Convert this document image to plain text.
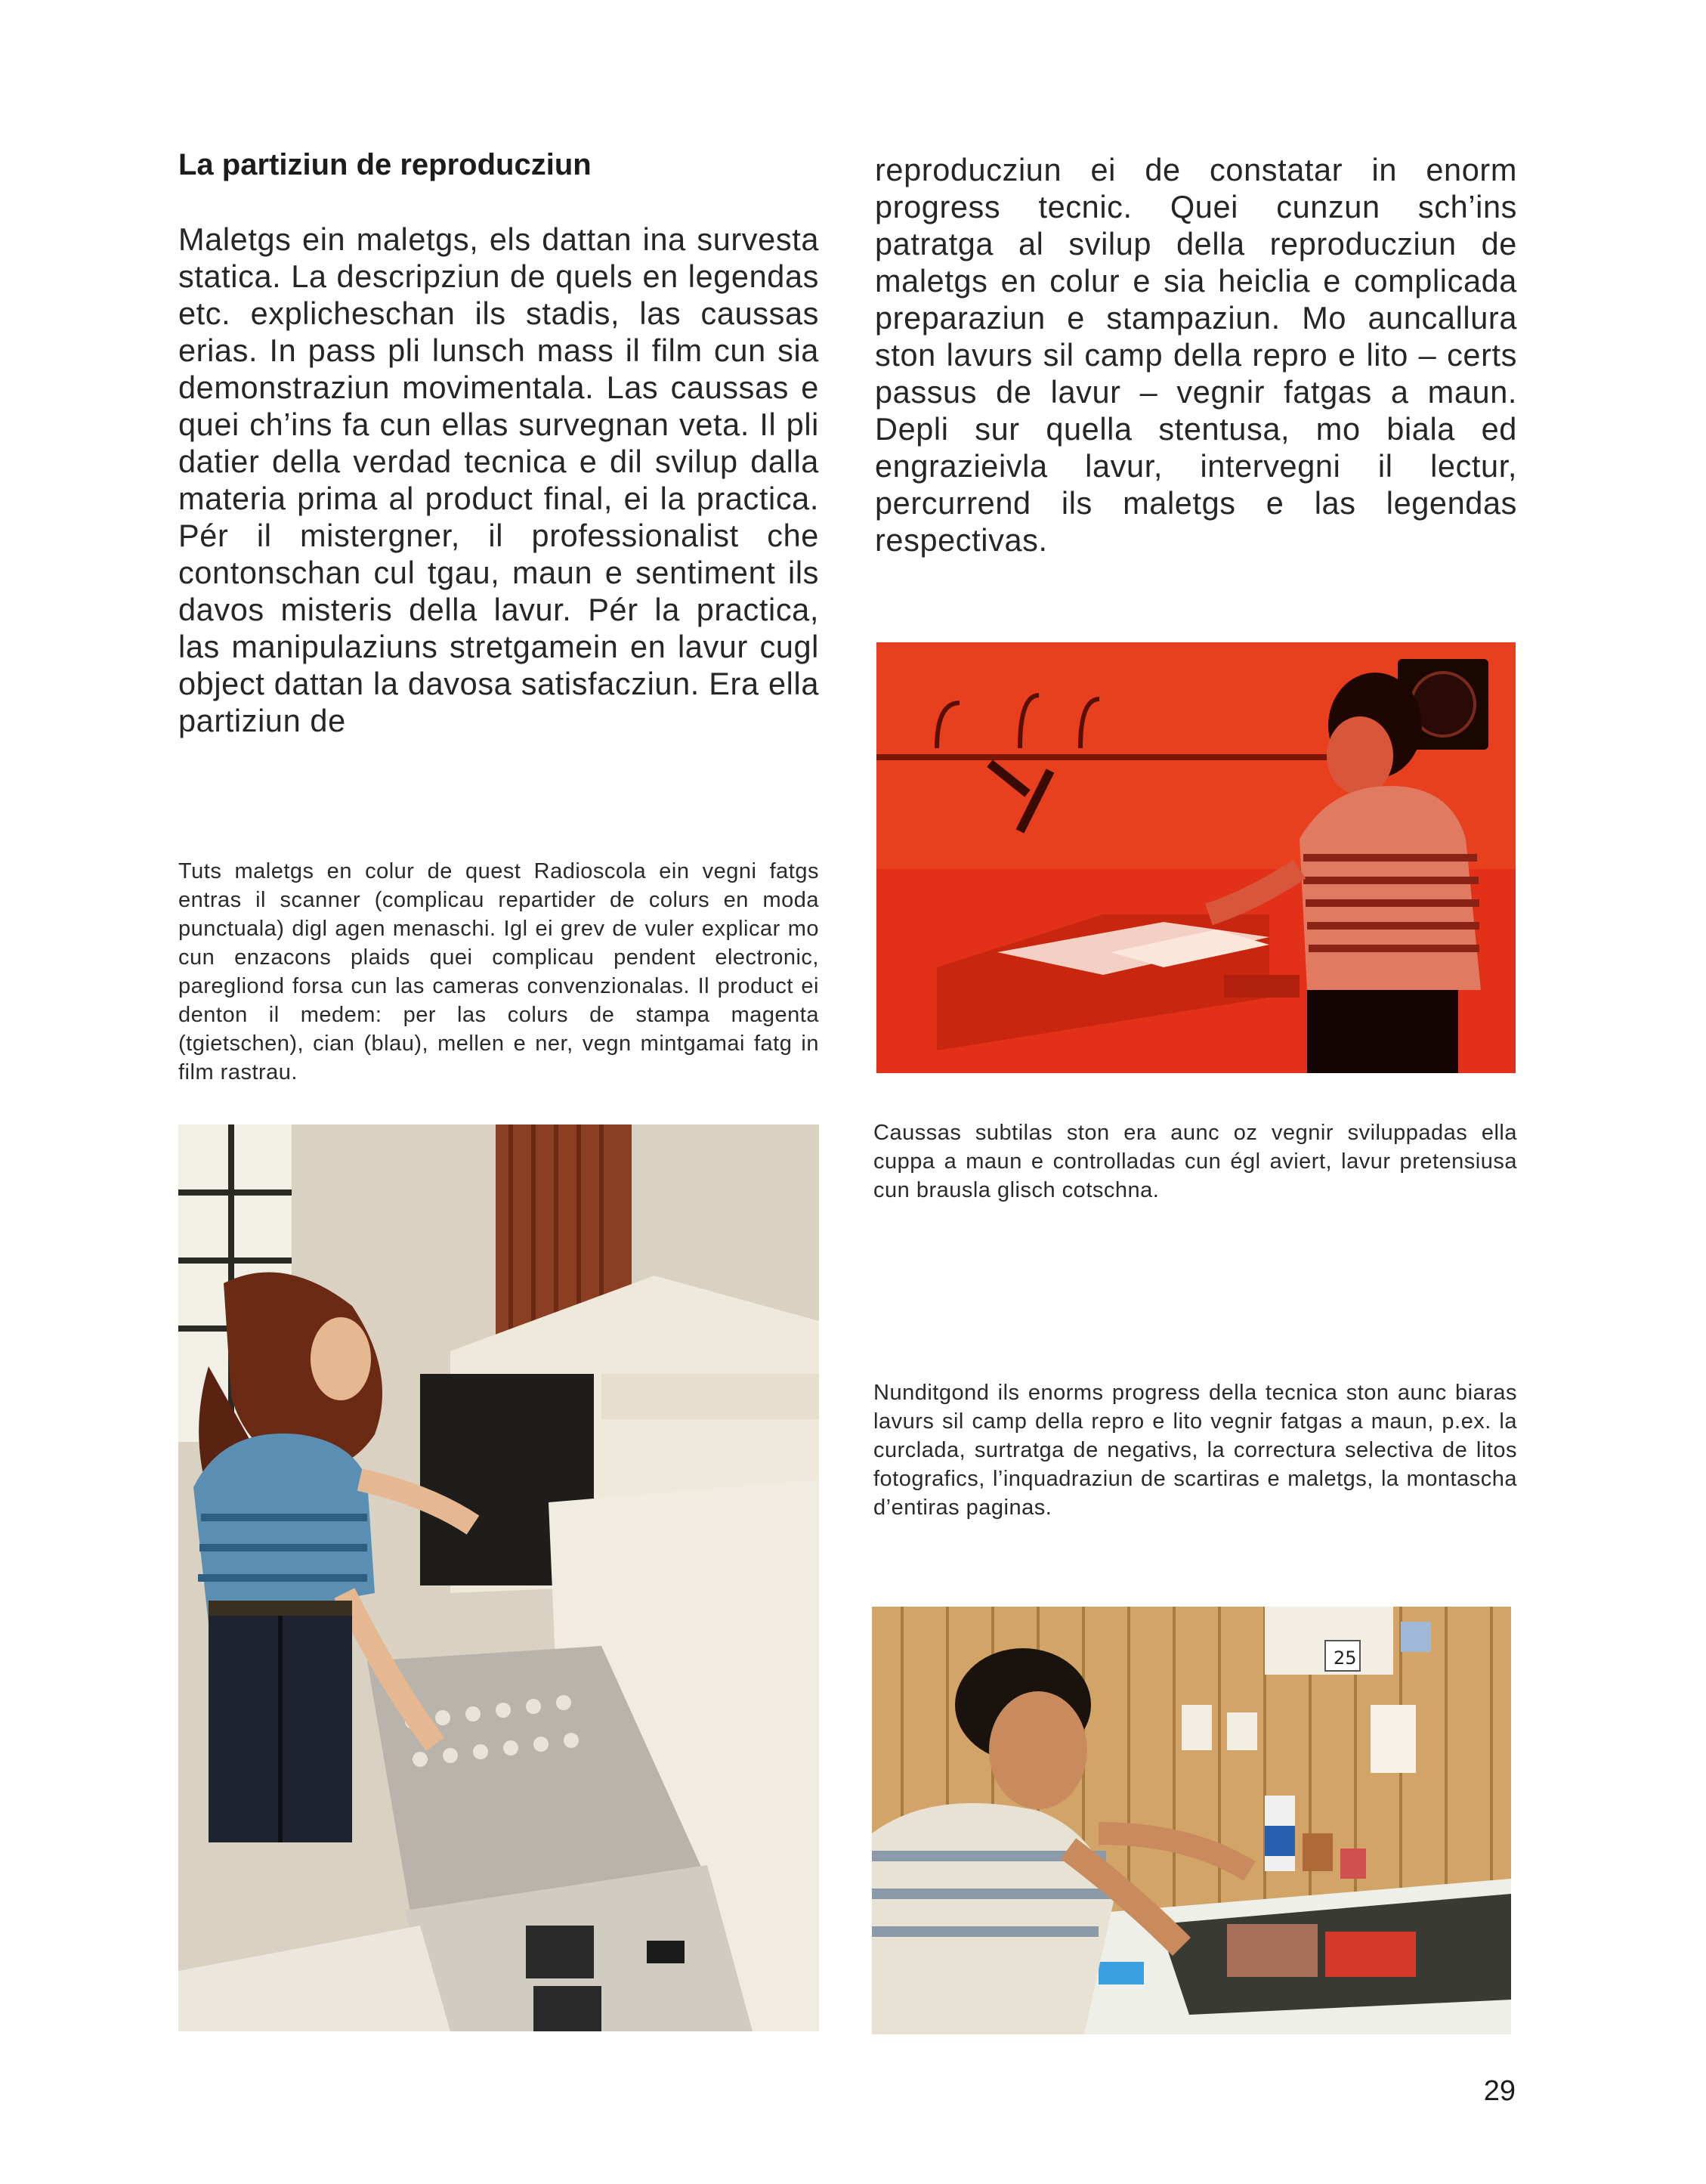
La partiziun de reproducziun
Maletgs ein maletgs, els dattan ina survesta statica. La descripziun de quels en legendas etc. explicheschan ils stadis, las caussas erias. In pass pli lunsch mass il film cun sia demonstraziun movimentala. Las caussas e quei ch’ins fa cun ellas survegnan veta. Il pli datier della verdad tecnica e dil svilup dalla materia prima al product final, ei la practica. Pér il mistergner, il professionalist che contonschan cul tgau, maun e sentiment ils davos misteris della lavur. Pér la practica, las manipulaziuns stretgamein en lavur cugl object dattan la davosa satisfacziun. Era ella partiziun de
reproducziun ei de constatar in enorm progress tecnic. Quei cunzun sch’ins patratga al svilup della reproducziun de maletgs en colur e sia heiclia e complicada preparaziun e stampaziun. Mo auncallura ston lavurs sil camp della repro e lito – certs passus de lavur – vegnir fatgas a maun. Depli sur quella stentusa, mo biala ed engrazieivla lavur, intervegni il lectur, percurrend ils maletgs e las legendas respectivas.
Tuts maletgs en colur de quest Radioscola ein vegni fatgs entras il scanner (complicau repartider de colurs en moda punctuala) digl agen menaschi. Igl ei grev de vuler explicar mo cun enzacons plaids quei complicau pendent electronic, paregliond forsa cun las cameras convenzionalas. Il product ei denton il medem: per las colurs de stampa magenta (tgietschen), cian (blau), mellen e ner, vegn mintgamai fatg in film rastrau.
Caussas subtilas ston era aunc oz vegnir sviluppadas ella cuppa a maun e controlladas cun égl aviert, lavur pretensiusa cun brausla glisch cotschna.
Nunditgond ils enorms progress della tecnica ston aunc biaras lavurs sil camp della repro e lito vegnir fatgas a maun, p.ex. la curclada, surtratga de negativs, la correctura selectiva de litos fotografics, l’inquadraziun de scartiras e maletgs, la montascha d’entiras paginas.
25
29
